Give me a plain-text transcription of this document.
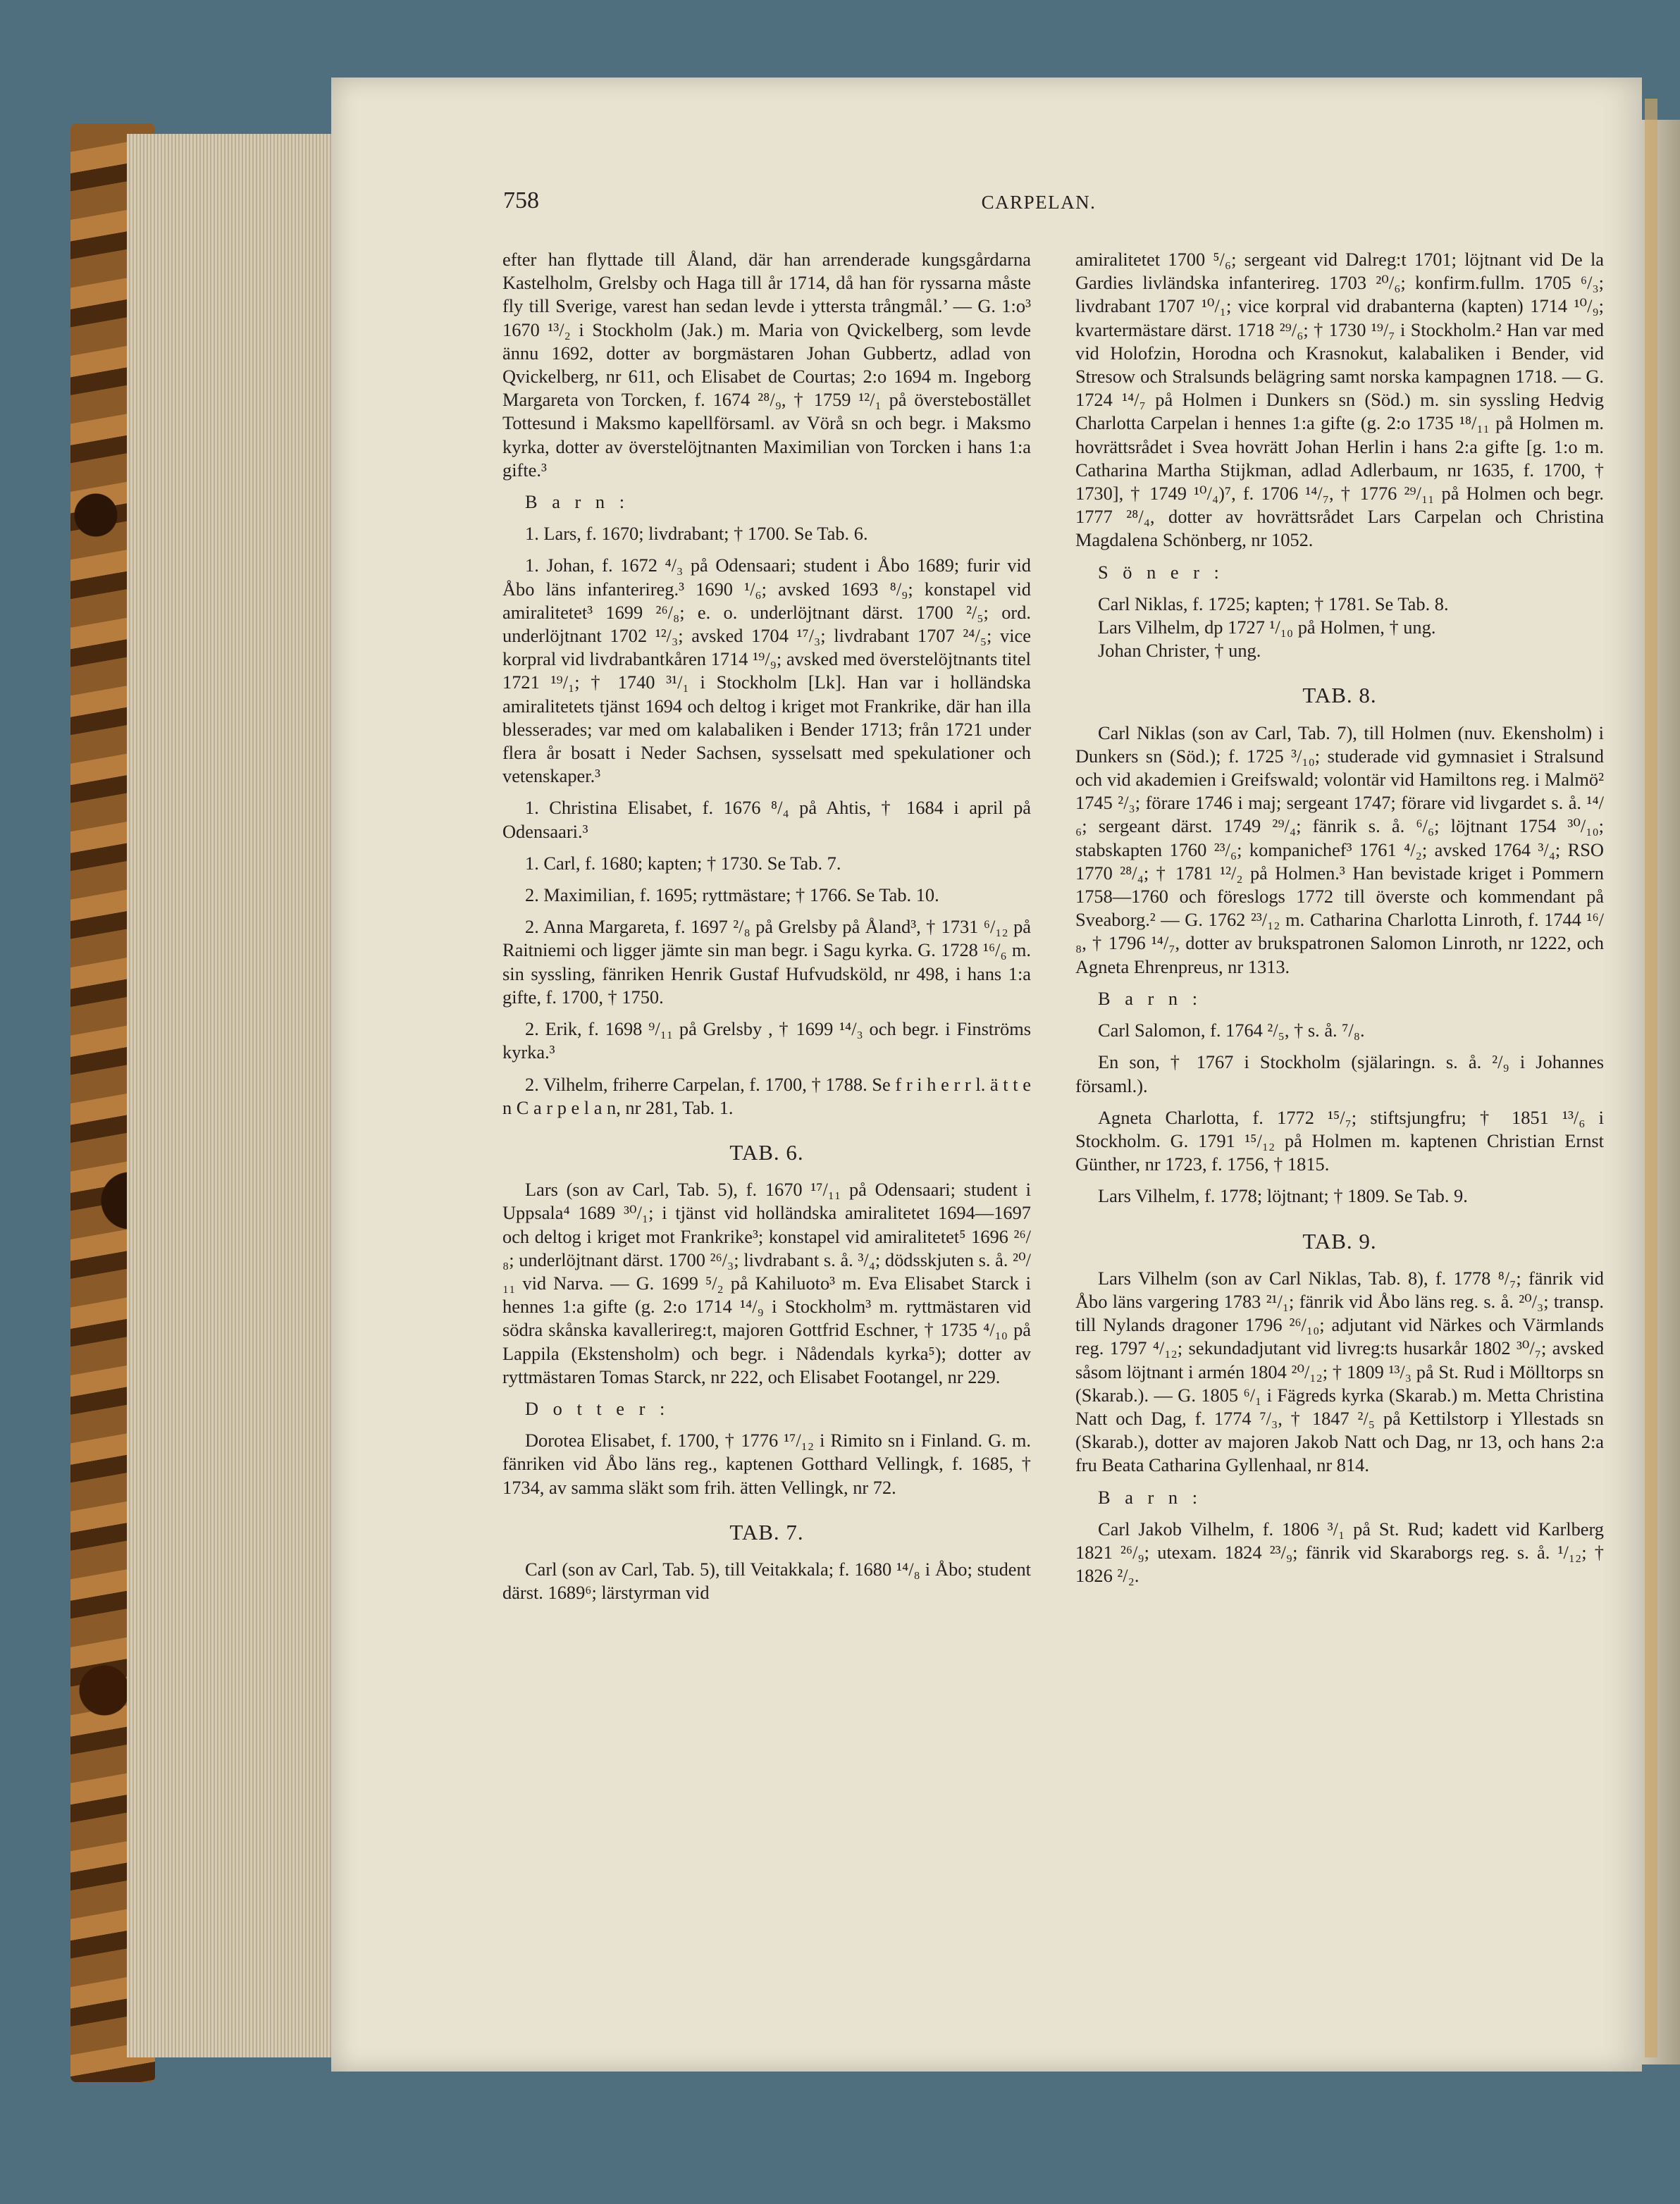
758	CARPELAN.

efter han flyttade till Åland, där han arrenderade kungsgårdarna Kastelholm, Grelsby och Haga till år 1714, då han för ryssarna måste fly till Sverige, varest han sedan levde i yttersta trångmål.’ — G. 1:o³ 1670 ¹³/₂ i Stockholm (Jak.) m. Maria von Qvickelberg, som levde ännu 1692, dotter av borgmästaren Johan Gubbertz, adlad von Qvickelberg, nr 611, och Elisabet de Courtas; 2:o 1694 m. Ingeborg Margareta von Torcken, f. 1674 ²⁸/₉, † 1759 ¹²/₁ på överstebostället Tottesund i Maksmo kapellförsaml. av Vörå sn och begr. i Maksmo kyrka, dotter av överstelöjtnanten Maximilian von Torcken i hans 1:a gifte.³

B a r n :

1. Lars, f. 1670; livdrabant; † 1700. Se Tab. 6.

1. Johan, f. 1672 ⁴/₃ på Odensaari; student i Åbo 1689; furir vid Åbo läns infanterireg.³ 1690 ¹/₆; avsked 1693 ⁸/₉; konstapel vid amiralitetet³ 1699 ²⁶/₈; e. o. underlöjtnant därst. 1700 ²/₅; ord. underlöjtnant 1702 ¹²/₃; avsked 1704 ¹⁷/₃; livdrabant 1707 ²⁴/₅; vice korpral vid livdrabantkåren 1714 ¹⁹/₉; avsked med överstelöjtnants titel 1721 ¹⁹/₁; † 1740 ³¹/₁ i Stockholm [Lk]. Han var i holländska amiralitetets tjänst 1694 och deltog i kriget mot Frankrike, där han illa blesserades; var med om kalabaliken i Bender 1713; från 1721 under flera år bosatt i Neder Sachsen, sysselsatt med spekulationer och vetenskaper.³

1. Christina Elisabet, f. 1676 ⁸/₄ på Ahtis, † 1684 i april på Odensaari.³

1. Carl, f. 1680; kapten; † 1730. Se Tab. 7.

2. Maximilian, f. 1695; ryttmästare; † 1766. Se Tab. 10.

2. Anna Margareta, f. 1697 ²/₈ på Grelsby på Åland³, † 1731 ⁶/₁₂ på Raitniemi och ligger jämte sin man begr. i Sagu kyrka. G. 1728 ¹⁶/₆ m. sin syssling, fänriken Henrik Gustaf Hufvudsköld, nr 498, i hans 1:a gifte, f. 1700, † 1750.

2. Erik, f. 1698 ⁹/₁₁ på Grelsby , † 1699 ¹⁴/₃ och begr. i Finströms kyrka.³

2. Vilhelm, friherre Carpelan, f. 1700, † 1788. Se f r i h e r r l. ä t t e n C a r p e l a n, nr 281, Tab. 1.

TAB. 6.

Lars (son av Carl, Tab. 5), f. 1670 ¹⁷/₁₁ på Odensaari; student i Uppsala⁴ 1689 ³⁰/₁; i tjänst vid holländska amiralitetet 1694—1697 och deltog i kriget mot Frankrike³; konstapel vid amiralitetet⁵ 1696 ²⁶/₈; underlöjtnant därst. 1700 ²⁶/₃; livdrabant s. å. ³/₄; dödsskjuten s. å. ²⁰/₁₁ vid Narva. — G. 1699 ⁵/₂ på Kahiluoto³ m. Eva Elisabet Starck i hennes 1:a gifte (g. 2:o 1714 ¹⁴/₉ i Stockholm³ m. ryttmästaren vid södra skånska kavallerireg:t, majoren Gottfrid Eschner, † 1735 ⁴/₁₀ på Lappila (Ekstensholm) och begr. i Nådendals kyrka⁵); dotter av ryttmästaren Tomas Starck, nr 222, och Elisabet Footangel, nr 229.

D o t t e r :

Dorotea Elisabet, f. 1700, † 1776 ¹⁷/₁₂ i Rimito sn i Finland. G. m. fänriken vid Åbo läns reg., kaptenen Gotthard Vellingk, f. 1685, † 1734, av samma släkt som frih. ätten Vellingk, nr 72.

TAB. 7.

Carl (son av Carl, Tab. 5), till Veitakkala; f. 1680 ¹⁴/₈ i Åbo; student därst. 1689⁶; lärstyrman vid

amiralitetet 1700 ⁵/₆; sergeant vid Dalreg:t 1701; löjtnant vid De la Gardies livländska infanterireg. 1703 ²⁰/₆; konfirm.fullm. 1705 ⁶/₃; livdrabant 1707 ¹⁰/₁; vice korpral vid drabanterna (kapten) 1714 ¹⁰/₉; kvartermästare därst. 1718 ²⁹/₆; † 1730 ¹⁹/₇ i Stockholm.² Han var med vid Holofzin, Horodna och Krasnokut, kalabaliken i Bender, vid Stresow och Stralsunds belägring samt norska kampagnen 1718. — G. 1724 ¹⁴/₇ på Holmen i Dunkers sn (Söd.) m. sin syssling Hedvig Charlotta Carpelan i hennes 1:a gifte (g. 2:o 1735 ¹⁸/₁₁ på Holmen m. hovrättsrådet i Svea hovrätt Johan Herlin i hans 2:a gifte [g. 1:o m. Catharina Martha Stijkman, adlad Adlerbaum, nr 1635, f. 1700, † 1730], † 1749 ¹⁰/₄)⁷, f. 1706 ¹⁴/₇, † 1776 ²⁹/₁₁ på Holmen och begr. 1777 ²⁸/₄, dotter av hovrättsrådet Lars Carpelan och Christina Magdalena Schönberg, nr 1052.

S ö n e r :

Carl Niklas, f. 1725; kapten; † 1781. Se Tab. 8.

Lars Vilhelm, dp 1727 ¹/₁₀ på Holmen, † ung.

Johan Christer, † ung.

TAB. 8.

Carl Niklas (son av Carl, Tab. 7), till Holmen (nuv. Ekensholm) i Dunkers sn (Söd.); f. 1725 ³/₁₀; studerade vid gymnasiet i Stralsund och vid akademien i Greifswald; volontär vid Hamiltons reg. i Malmö² 1745 ²/₃; förare 1746 i maj; sergeant 1747; förare vid livgardet s. å. ¹⁴/₆; sergeant därst. 1749 ²⁹/₄; fänrik s. å. ⁶/₆; löjtnant 1754 ³⁰/₁₀; stabskapten 1760 ²³/₆; kompanichef³ 1761 ⁴/₂; avsked 1764 ³/₄; RSO 1770 ²⁸/₄; † 1781 ¹²/₂ på Holmen.³ Han bevistade kriget i Pommern 1758—1760 och föreslogs 1772 till överste och kommendant på Sveaborg.² — G. 1762 ²³/₁₂ m. Catharina Charlotta Linroth, f. 1744 ¹⁶/₈, † 1796 ¹⁴/₇, dotter av brukspatronen Salomon Linroth, nr 1222, och Agneta Ehrenpreus, nr 1313.

B a r n :

Carl Salomon, f. 1764 ²/₅, † s. å. ⁷/₈.

En son, † 1767 i Stockholm (själaringn. s. å. ²/₉ i Johannes församl.).

Agneta Charlotta, f. 1772 ¹⁵/₇; stiftsjungfru; † 1851 ¹³/₆ i Stockholm. G. 1791 ¹⁵/₁₂ på Holmen m. kaptenen Christian Ernst Günther, nr 1723, f. 1756, † 1815.

Lars Vilhelm, f. 1778; löjtnant; † 1809. Se Tab. 9.

TAB. 9.

Lars Vilhelm (son av Carl Niklas, Tab. 8), f. 1778 ⁸/₇; fänrik vid Åbo läns vargering 1783 ²¹/₁; fänrik vid Åbo läns reg. s. å. ²⁰/₃; transp. till Nylands dragoner 1796 ²⁶/₁₀; adjutant vid Närkes och Värmlands reg. 1797 ⁴/₁₂; sekundadjutant vid livreg:ts husarkår 1802 ³⁰/₇; avsked såsom löjtnant i armén 1804 ²⁰/₁₂; † 1809 ¹³/₃ på St. Rud i Mölltorps sn (Skarab.). — G. 1805 ⁶/₁ i Fägreds kyrka (Skarab.) m. Metta Christina Natt och Dag, f. 1774 ⁷/₃, † 1847 ²/₅ på Kettilstorp i Yllestads sn (Skarab.), dotter av majoren Jakob Natt och Dag, nr 13, och hans 2:a fru Beata Catharina Gyllenhaal, nr 814.

B a r n :

Carl Jakob Vilhelm, f. 1806 ³/₁ på St. Rud; kadett vid Karlberg 1821 ²⁶/₉; utexam. 1824 ²³/₉; fänrik vid Skaraborgs reg. s. å. ¹/₁₂; † 1826 ²/₂.
